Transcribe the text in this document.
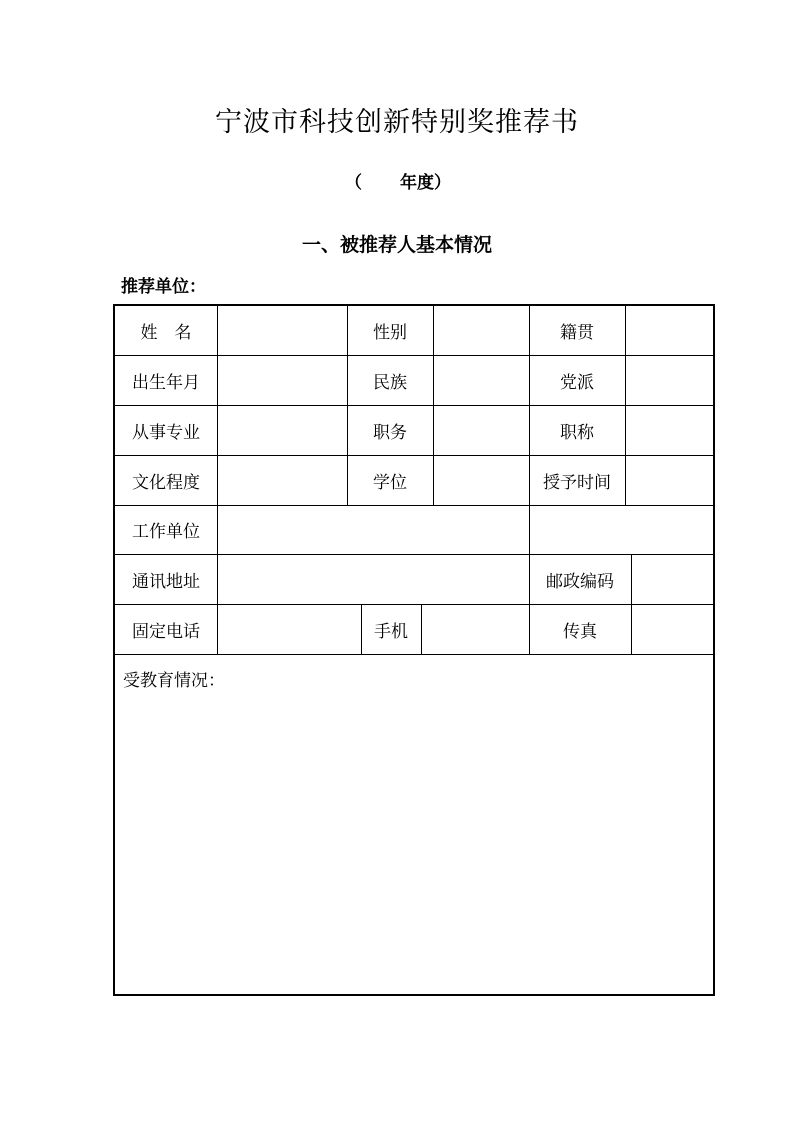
宁波市科技创新特别奖推荐书
（ 年度）
一、被推荐人基本情况
推荐单位：
姓　名	性别	籍贯
出生年月	民族	党派
从事专业	职务	职称
文化程度	学位	授予时间
工作单位
通讯地址	邮政编码
固定电话	手机	传真
受教育情况：
